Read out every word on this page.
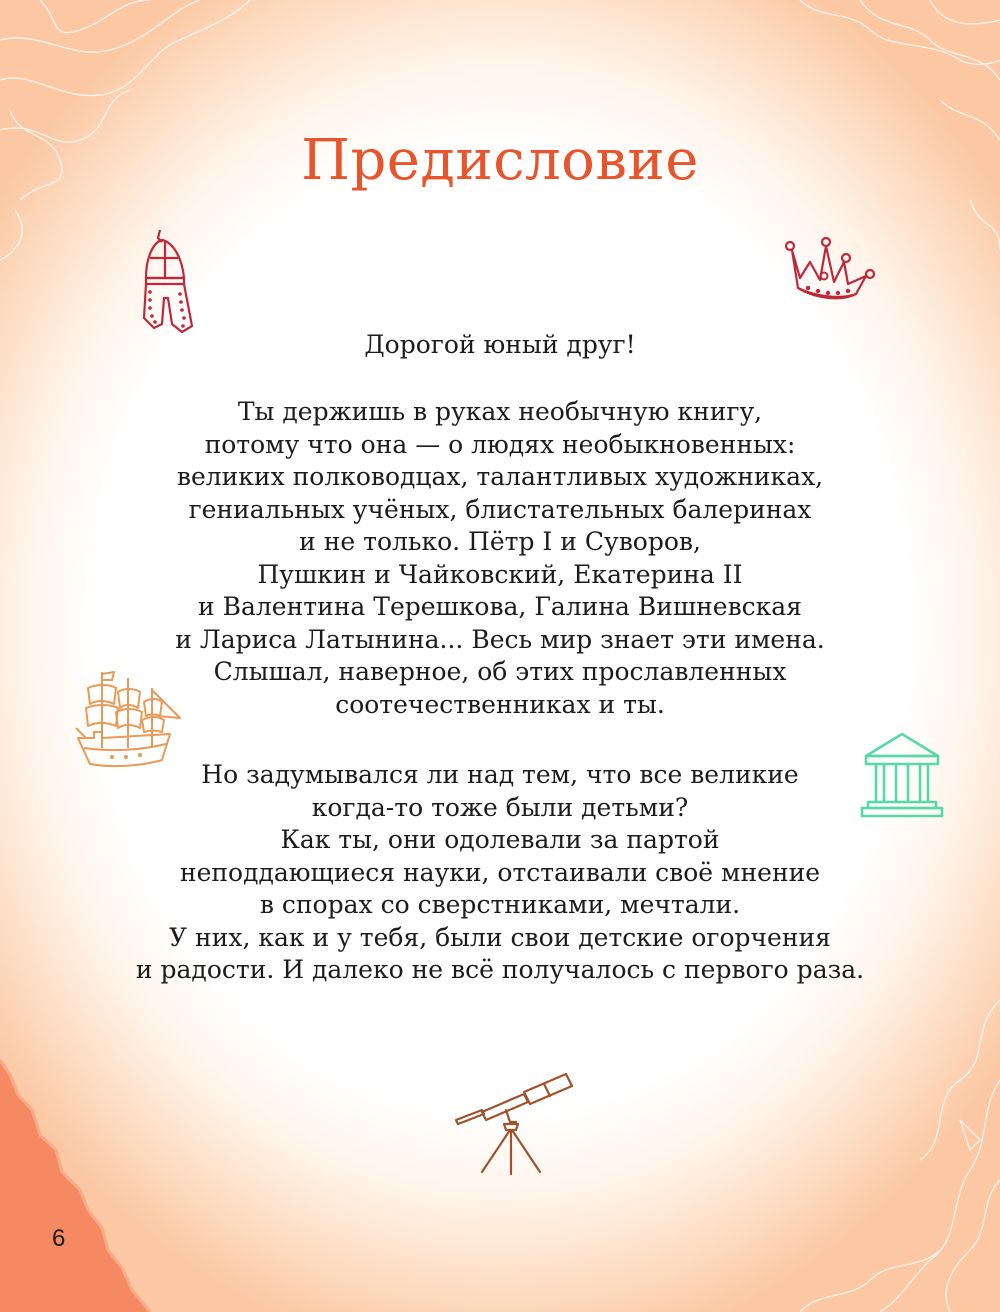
Предисловие
Дорогой юный друг!
Ты держишь в руках необычную книгу,
потому что она — о людях необыкновенных:
великих полководцах, талантливых художниках,
гениальных учёных, блистательных балеринах
и не только. Пётр I и Суворов,
Пушкин и Чайковский, Екатерина II
и Валентина Терешкова, Галина Вишневская
и Лариса Латынина... Весь мир знает эти имена.
Слышал, наверное, об этих прославленных
соотечественниках и ты.
Но задумывался ли над тем, что все великие
когда-то тоже были детьми?
Как ты, они одолевали за партой
неподдающиеся науки, отстаивали своё мнение
в спорах со сверстниками, мечтали.
У них, как и у тебя, были свои детские огорчения
и радости. И далеко не всё получалось с первого раза.
6
